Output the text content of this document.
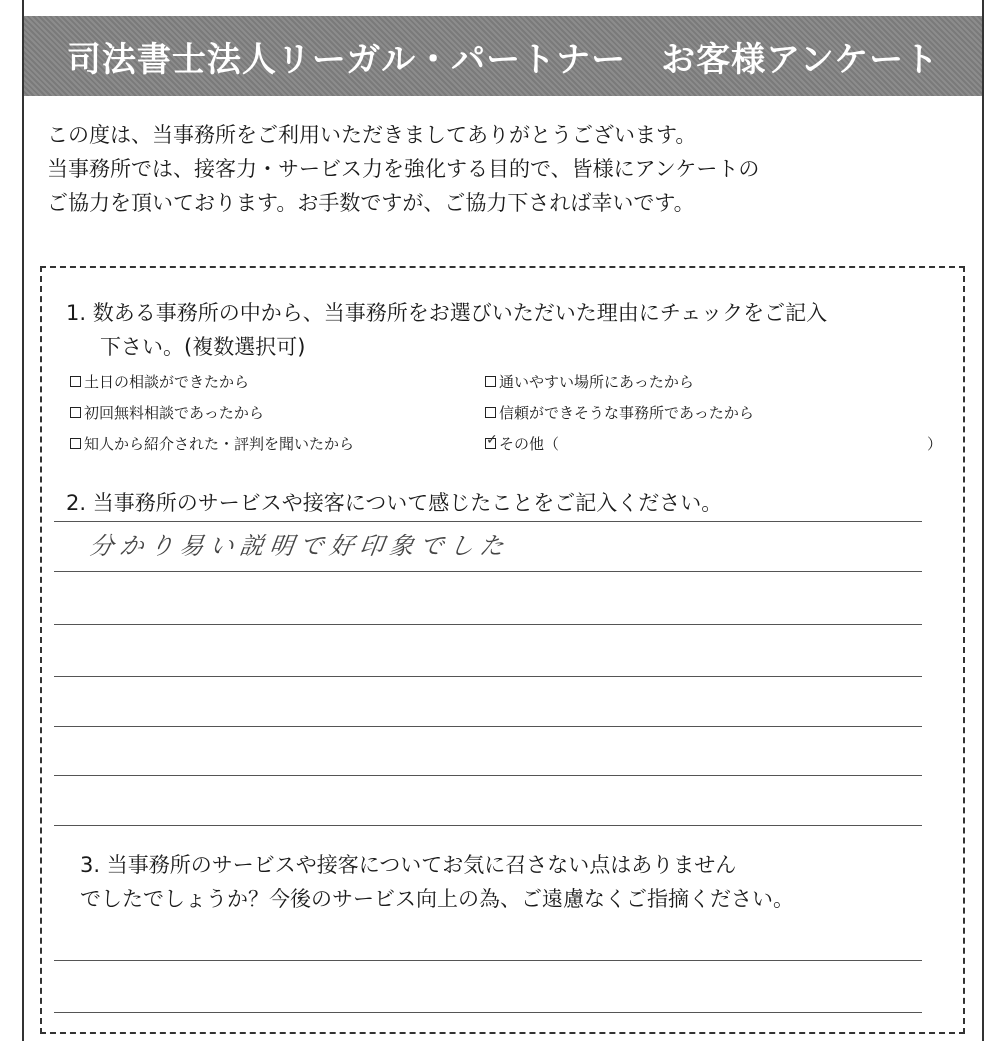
司法書士法人リーガル・パートナー　お客様アンケート
この度は、当事務所をご利用いただきましてありがとうございます。
当事務所では、接客力・サービス力を強化する目的で、皆様にアンケートの
ご協力を頂いております。お手数ですが、ご協力下されば幸いです。
1. 数ある事務所の中から、当事務所をお選びいただいた理由にチェックをご記入
下さい。(複数選択可)
土日の相談ができたから	通いやすい場所にあったから
初回無料相談であったから	信頼ができそうな事務所であったから
知人から紹介された・評判を聞いたから	✓ その他（	）
2. 当事務所のサービスや接客について感じたことをご記入ください。
分かり易い説明で好印象でした
3. 当事務所のサービスや接客についてお気に召さない点はありません
でしたでしょうか？今後のサービス向上の為、ご遠慮なくご指摘ください。
